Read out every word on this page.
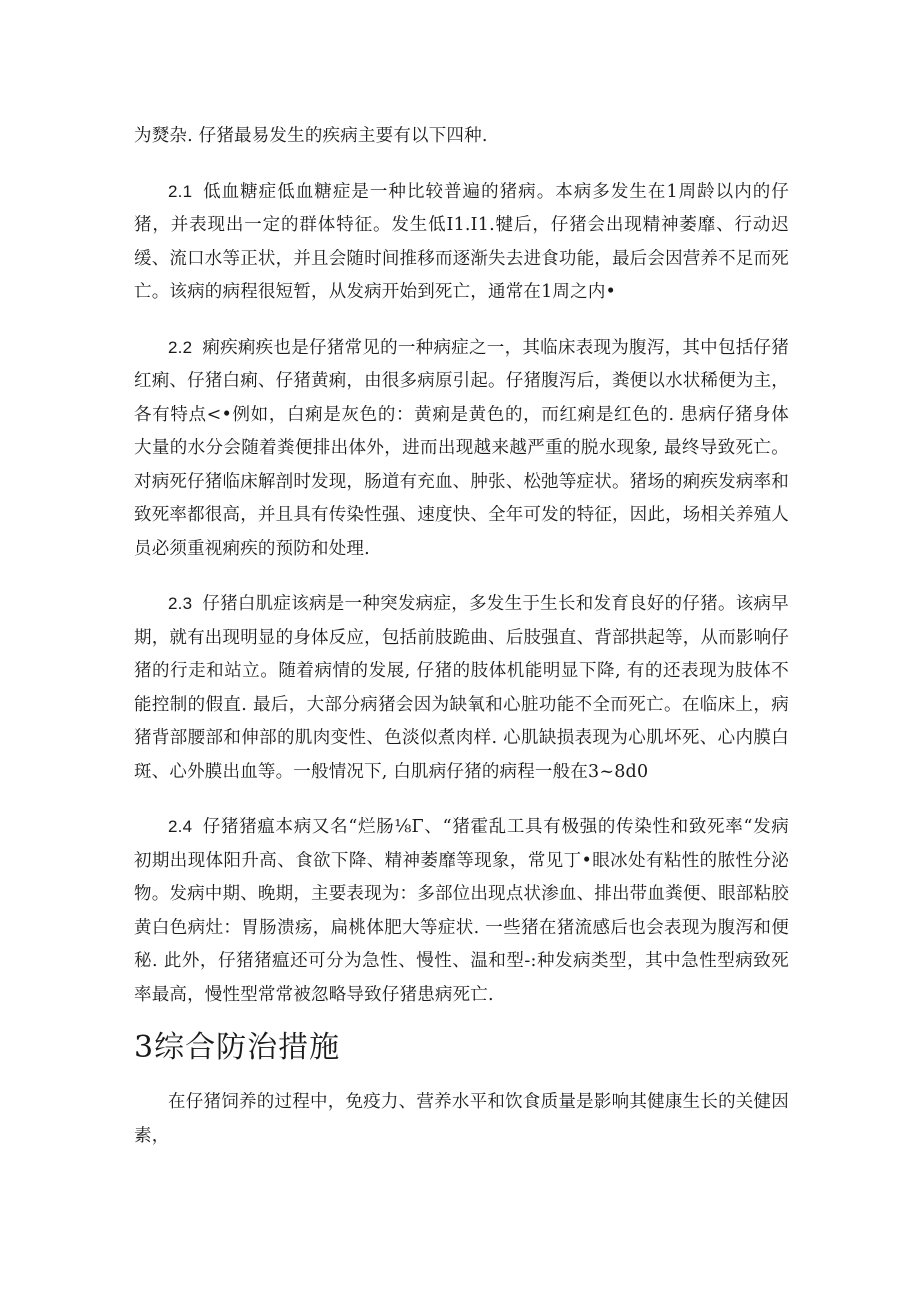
为燹杂. 仔猪最易发生的疾病主要有以下四种.

2.1 低血糖症低血糖症是一种比较普遍的猪病。本病多发生在1周龄以内的仔猪，并表现出一定的群体特征。发生低I1.I1.犍后，仔猪会出现精神萎靡、行动迟缓、流口水等正状，并且会随时间推移而逐渐失去进食功能，最后会因营养不足而死亡。该病的病程很短暂，从发病开始到死亡，通常在1周之内•

2.2 痢疾痢疾也是仔猪常见的一种病症之一，其临床表现为腹泻，其中包括仔猪红痢、仔猪白痢、仔猪黄痢，由很多病原引起。仔猪腹泻后，粪便以水状稀便为主，各有特点<•例如，白痢是灰色的：黄痢是黄色的，而红痢是红色的. 患病仔猪身体大量的水分会随着粪便排出体外，进而出现越来越严重的脱水现象, 最终导致死亡。对病死仔猪临床解剖时发现，肠道有充血、肿张、松弛等症状。猪场的痢疾发病率和致死率都很高，并且具有传染性强、速度快、全年可发的特征，因此，场相关养殖人员必须重视痢疾的预防和处理.

2.3 仔猪白肌症该病是一种突发病症，多发生于生长和发育良好的仔猪。该病早期，就有出现明显的身体反应，包括前肢跪曲、后肢强直、背部拱起等，从而影响仔猪的行走和站立。随着病情的发展, 仔猪的肢体机能明显下降, 有的还表现为肢体不能控制的假直. 最后，大部分病猪会因为缺氧和心脏功能不全而死亡。在临床上，病猪背部腰部和伸部的肌肉变性、色淡似煮肉样. 心肌缺损表现为心肌坏死、心内膜白斑、心外膜出血等。一般情况下, 白肌病仔猪的病程一般在3~8d0

2.4 仔猪猪瘟本病又名“烂肠⅛Γ、“猪霍乱工具有极强的传染性和致死率“发病初期出现体阳升高、食欲下降、精神萎靡等现象，常见丁•眼冰处有粘性的脓性分泌物。发病中期、晚期，主要表现为：多部位出现点状渗血、排出带血粪便、眼部粘胶黄白色病灶：胃肠溃疡，扁桃体肥大等症状. 一些猪在猪流感后也会表现为腹泻和便秘. 此外，仔猪猪瘟还可分为急性、慢性、温和型-:种发病类型，其中急性型病致死率最高，慢性型常常被忽略导致仔猪患病死亡.

3综合防治措施

在仔猪饲养的过程中，免疫力、营养水平和饮食质量是影响其健康生长的关健因素，
